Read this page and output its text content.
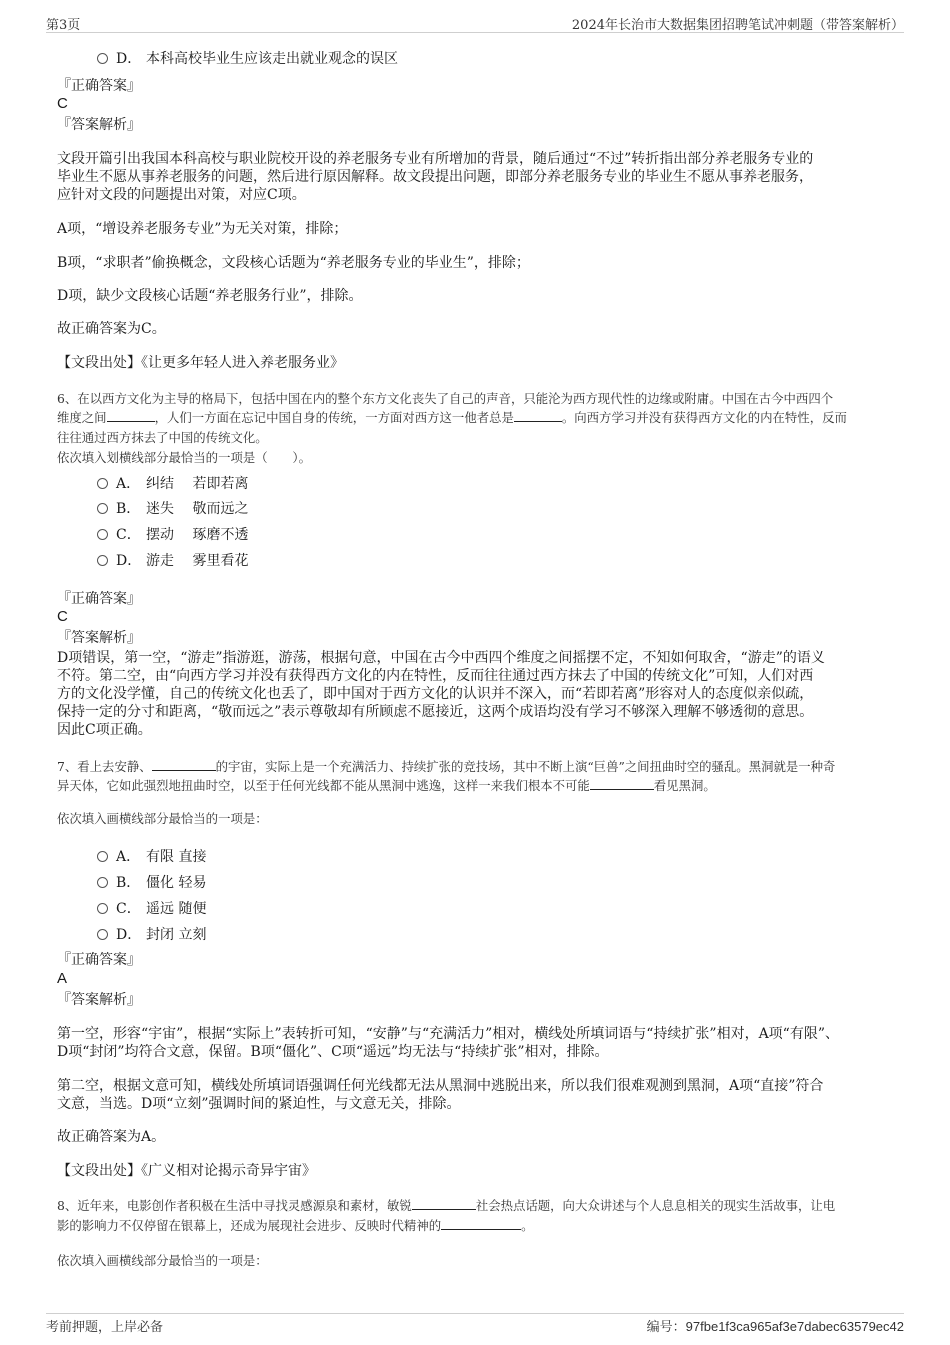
第3页	2024年长治市大数据集团招聘笔试冲刺题（带答案解析）
D． 本科高校毕业生应该走出就业观念的误区
『正确答案』
C
『答案解析』
文段开篇引出我国本科高校与职业院校开设的养老服务专业有所增加的背景，随后通过“不过”转折指出部分养老服务专业的
毕业生不愿从事养老服务的问题，然后进行原因解释。故文段提出问题，即部分养老服务专业的毕业生不愿从事养老服务，
应针对文段的问题提出对策，对应C项。
A项，“增设养老服务专业”为无关对策，排除；
B项，“求职者”偷换概念，文段核心话题为“养老服务专业的毕业生”，排除；
D项，缺少文段核心话题“养老服务行业”，排除。
故正确答案为C。
【文段出处】《让更多年轻人进入养老服务业》
6、在以西方文化为主导的格局下，包括中国在内的整个东方文化丧失了自己的声音，只能沦为西方现代性的边缘或附庸。中国在古今中西四个
维度之间	，人们一方面在忘记中国自身的传统，一方面对西方这一他者总是	。向西方学习并没有获得西方文化的内在特性，反而
往往通过西方抹去了中国的传统文化。
依次填入划横线部分最恰当的一项是（　　）。
A． 纠结　 若即若离
B． 迷失　 敬而远之
C． 摆动　 琢磨不透
D． 游走　 雾里看花
『正确答案』
C
『答案解析』
D项错误，第一空，“游走”指游逛，游荡，根据句意，中国在古今中西四个维度之间摇摆不定，不知如何取舍，“游走”的语义
不符。第二空，由“向西方学习并没有获得西方文化的内在特性，反而往往通过西方抹去了中国的传统文化”可知，人们对西
方的文化没学懂，自己的传统文化也丢了，即中国对于西方文化的认识并不深入，而“若即若离”形容对人的态度似亲似疏，
保持一定的分寸和距离，“敬而远之”表示尊敬却有所顾虑不愿接近，这两个成语均没有学习不够深入理解不够透彻的意思。
因此C项正确。
7、看上去安静、	的宇宙，实际上是一个充满活力、持续扩张的竞技场，其中不断上演“巨兽”之间扭曲时空的骚乱。黑洞就是一种奇
异天体，它如此强烈地扭曲时空，以至于任何光线都不能从黑洞中逃逸，这样一来我们根本不可能	看见黑洞。
依次填入画横线部分最恰当的一项是：
A． 有限 直接
B． 僵化 轻易
C． 遥远 随便
D． 封闭 立刻
『正确答案』
A
『答案解析』
第一空，形容“宇宙”，根据“实际上”表转折可知，“安静”与“充满活力”相对，横线处所填词语与“持续扩张”相对，A项“有限”、
D项“封闭”均符合文意，保留。B项“僵化”、C项“遥远”均无法与“持续扩张”相对，排除。
第二空，根据文意可知，横线处所填词语强调任何光线都无法从黑洞中逃脱出来，所以我们很难观测到黑洞，A项“直接”符合
文意，当选。D项“立刻”强调时间的紧迫性，与文意无关，排除。
故正确答案为A。
【文段出处】《广义相对论揭示奇异宇宙》
8、近年来，电影创作者积极在生活中寻找灵感源泉和素材，敏锐	社会热点话题，向大众讲述与个人息息相关的现实生活故事，让电
影的影响力不仅停留在银幕上，还成为展现社会进步、反映时代精神的	。
依次填入画横线部分最恰当的一项是：
考前押题，上岸必备	编号：97fbe1f3ca965af3e7dabec63579ec42
